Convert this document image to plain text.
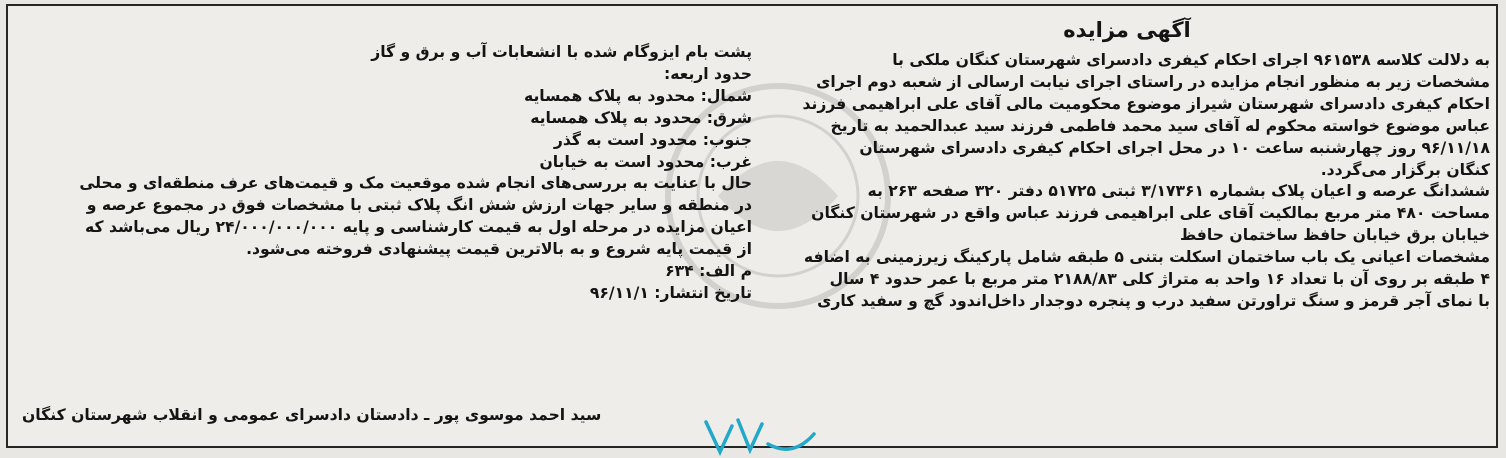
آگهی مزایده
به دلالت کلاسه ۹۶۱۵۳۸ اجرای احکام کیفری دادسرای شهرستان کنگان ملکی با
مشخصات زیر به منظور انجام مزایده در راستای اجرای نیابت ارسالی از شعبه دوم اجرای
احکام کیفری دادسرای شهرستان شیراز موضوع محکومیت مالی آقای علی ابراهیمی فرزند
عباس موضوع خواسته محکوم له آقای سید محمد فاطمی فرزند سید عبدالحمید به تاریخ
۹۶/۱۱/۱۸ روز چهارشنبه ساعت ۱۰ در محل اجرای احکام کیفری دادسرای شهرستان
کنگان برگزار می‌گردد.
ششدانگ عرصه و اعیان پلاک بشماره ۳/۱۷۳۶۱ ثبتی ۵۱۷۲۵ دفتر ۳۲۰ صفحه ۲۶۳ به
مساحت ۴۸۰ متر مربع بمالکیت آقای علی ابراهیمی فرزند عباس واقع در شهرستان کنگان
خیابان برق خیابان حافظ ساختمان حافظ
مشخصات اعیانی یک باب ساختمان اسکلت بتنی ۵ طبقه شامل پارکینگ زیرزمینی به اضافه
۴ طبقه بر روی آن با تعداد ۱۶ واحد به متراژ کلی ۲۱۸۸/۸۳ متر مربع با عمر حدود ۴ سال
با نمای آجر قرمز و سنگ تراورتن سفید درب و پنجره دوجدار داخل‌اندود گچ و سفید کاری
پشت بام ایزوگام شده با انشعابات آب و برق و گاز
حدود اربعه:
شمال: محدود به پلاک همسایه
شرق: محدود به پلاک همسایه
جنوب: محدود است به گذر
غرب: محدود است به خیابان
حال با عنایت به بررسی‌های انجام شده موقعیت مک و قیمت‌های عرف منطقه‌ای و محلی
در منطقه و سایر جهات ارزش شش انگ پلاک ثبتی با مشخصات فوق در مجموع عرصه و
اعیان مزایده در مرحله اول به قیمت کارشناسی و پایه ۲۴/۰۰۰/۰۰۰/۰۰۰ ریال می‌باشد که
از قیمت پایه شروع و به بالاترین قیمت پیشنهادی فروخته می‌شود.
م الف: ۶۳۴
تاریخ انتشار: ۹۶/۱۱/۱
سید احمد موسوی پور ـ دادستان دادسرای عمومی و انقلاب شهرستان کنگان
